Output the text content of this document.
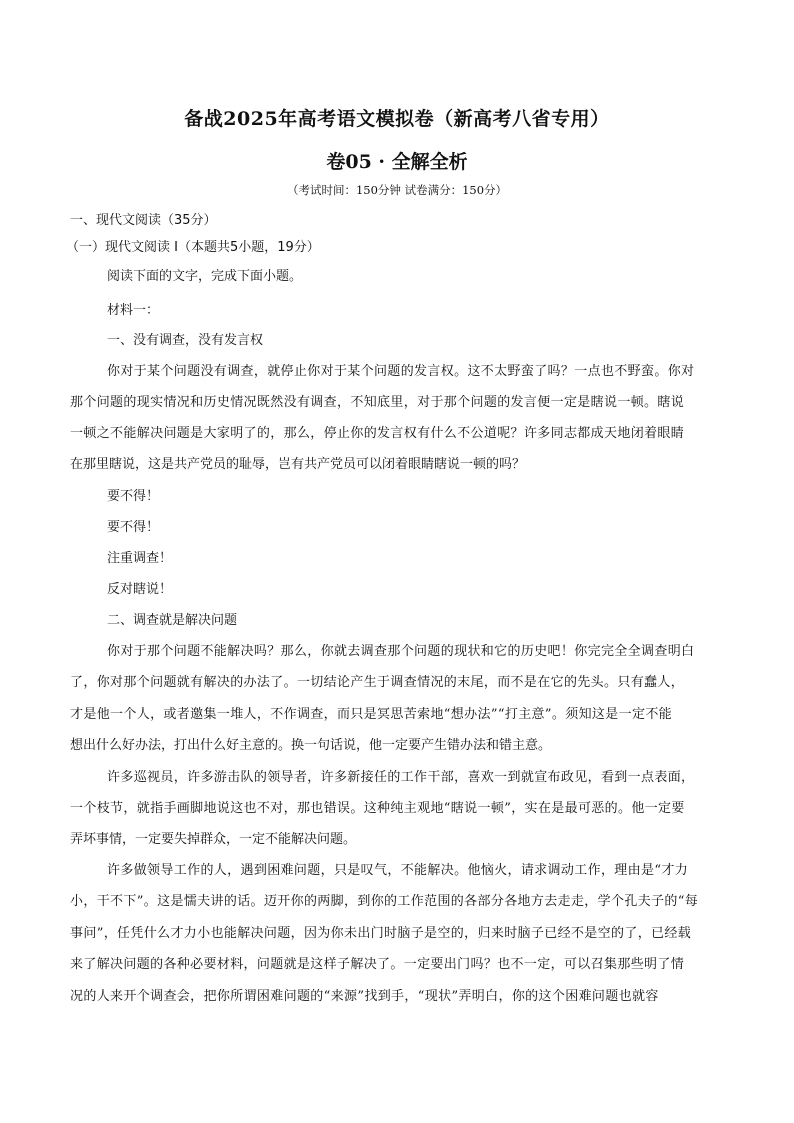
备战2025年高考语文模拟卷（新高考八省专用）
卷05 · 全解全析
（考试时间：150分钟 试卷满分：150分）
一、现代文阅读（35分）
（一）现代文阅读 I（本题共5小题，19分）
阅读下面的文字，完成下面小题。
材料一：
一、没有调查，没有发言权
你对于某个问题没有调查，就停止你对于某个问题的发言权。这不太野蛮了吗？一点也不野蛮。你对
那个问题的现实情况和历史情况既然没有调查，不知底里，对于那个问题的发言便一定是瞎说一顿。瞎说
一顿之不能解决问题是大家明了的，那么，停止你的发言权有什么不公道呢？许多同志都成天地闭着眼睛
在那里瞎说，这是共产党员的耻辱，岂有共产党员可以闭着眼睛瞎说一顿的吗？
要不得！
要不得！
注重调查！
反对瞎说！
二、调查就是解决问题
你对于那个问题不能解决吗？那么，你就去调查那个问题的现状和它的历史吧！你完完全全调查明白
了，你对那个问题就有解决的办法了。一切结论产生于调查情况的末尾，而不是在它的先头。只有蠢人，
才是他一个人，或者邀集一堆人，不作调查，而只是冥思苦索地“想办法”“打主意”。须知这是一定不能
想出什么好办法，打出什么好主意的。换一句话说，他一定要产生错办法和错主意。
许多巡视员，许多游击队的领导者，许多新接任的工作干部，喜欢一到就宣布政见，看到一点表面，
一个枝节，就指手画脚地说这也不对，那也错误。这种纯主观地“瞎说一顿”，实在是最可恶的。他一定要
弄坏事情，一定要失掉群众，一定不能解决问题。
许多做领导工作的人，遇到困难问题，只是叹气，不能解决。他恼火，请求调动工作，理由是“才力
小，干不下”。这是懦夫讲的话。迈开你的两脚，到你的工作范围的各部分各地方去走走，学个孔夫子的“每
事问”，任凭什么才力小也能解决问题，因为你未出门时脑子是空的，归来时脑子已经不是空的了，已经载
来了解决问题的各种必要材料，问题就是这样子解决了。一定要出门吗？也不一定，可以召集那些明了情
况的人来开个调查会，把你所谓困难问题的“来源”找到手，“现状”弄明白，你的这个困难问题也就容
